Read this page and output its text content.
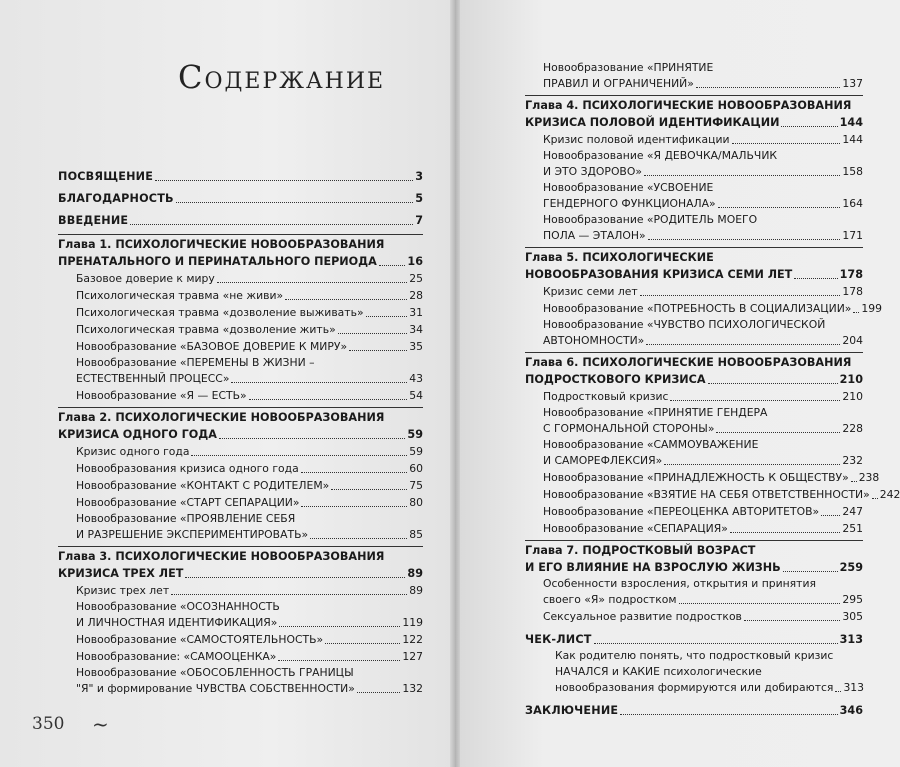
Содержание
ПОСВЯЩЕНИЕ	3
БЛАГОДАРНОСТЬ	5
ВВЕДЕНИЕ	7
Глава 1. ПСИХОЛОГИЧЕСКИЕ НОВООБРАЗОВАНИЯ
ПРЕНАТАЛЬНОГО И ПЕРИНАТАЛЬНОГО ПЕРИОДА	16
Базовое доверие к миру	25
Психологическая травма «не живи»	28
Психологическая травма «дозволение выживать»	31
Психологическая травма «дозволение жить»	34
Новообразование «БАЗОВОЕ ДОВЕРИЕ К МИРУ»	35
Новообразование «ПЕРЕМЕНЫ В ЖИЗНИ –
ЕСТЕСТВЕННЫЙ ПРОЦЕСС»	43
Новообразование «Я — ЕСТЬ»	54
Глава 2. ПСИХОЛОГИЧЕСКИЕ НОВООБРАЗОВАНИЯ
КРИЗИСА ОДНОГО ГОДА	59
Кризис одного года	59
Новообразования кризиса одного года	60
Новообразование «КОНТАКТ С РОДИТЕЛЕМ»	75
Новообразование «СТАРТ СЕПАРАЦИИ»	80
Новообразование «ПРОЯВЛЕНИЕ СЕБЯ
И РАЗРЕШЕНИЕ ЭКСПЕРИМЕНТИРОВАТЬ»	85
Глава 3. ПСИХОЛОГИЧЕСКИЕ НОВООБРАЗОВАНИЯ
КРИЗИСА ТРЕХ ЛЕТ	89
Кризис трех лет	89
Новообразование «ОСОЗНАННОСТЬ
И ЛИЧНОСТНАЯ ИДЕНТИФИКАЦИЯ»	119
Новообразование «САМОСТОЯТЕЛЬНОСТЬ»	122
Новообразование: «САМООЦЕНКА»	127
Новообразование «ОБОСОБЛЕННОСТЬ ГРАНИЦЫ
"Я" и формирование ЧУВСТВА СОБСТВЕННОСТИ»	132
350 ~
Новообразование «ПРИНЯТИЕ
ПРАВИЛ И ОГРАНИЧЕНИЙ»	137
Глава 4. ПСИХОЛОГИЧЕСКИЕ НОВООБРАЗОВАНИЯ
КРИЗИСА ПОЛОВОЙ ИДЕНТИФИКАЦИИ	144
Кризис половой идентификации	144
Новообразование «Я ДЕВОЧКА/МАЛЬЧИК
И ЭТО ЗДОРОВО»	158
Новообразование «УСВОЕНИЕ
ГЕНДЕРНОГО ФУНКЦИОНАЛА»	164
Новообразование «РОДИТЕЛЬ МОЕГО
ПОЛА — ЭТАЛОН»	171
Глава 5. ПСИХОЛОГИЧЕСКИЕ
НОВООБРАЗОВАНИЯ КРИЗИСА СЕМИ ЛЕТ	178
Кризис семи лет	178
Новообразование «ПОТРЕБНОСТЬ В СОЦИАЛИЗАЦИИ» 199
Новообразование «ЧУВСТВО ПСИХОЛОГИЧЕСКОЙ
АВТОНОМНОСТИ»	204
Глава 6. ПСИХОЛОГИЧЕСКИЕ НОВООБРАЗОВАНИЯ
ПОДРОСТКОВОГО КРИЗИСА	210
Подростковый кризис	210
Новообразование «ПРИНЯТИЕ ГЕНДЕРА
С ГОРМОНАЛЬНОЙ СТОРОНЫ»	228
Новообразование «САММОУВАЖЕНИЕ
И САМОРЕФЛЕКСИЯ»	232
Новообразование «ПРИНАДЛЕЖНОСТЬ К ОБЩЕСТВУ» 238
Новообразование «ВЗЯТИЕ НА СЕБЯ ОТВЕТСТВЕННОСТИ» 242
Новообразование «ПЕРЕОЦЕНКА АВТОРИТЕТОВ» 247
Новообразование «СЕПАРАЦИЯ»	251
Глава 7. ПОДРОСТКОВЫЙ ВОЗРАСТ
И ЕГО ВЛИЯНИЕ НА ВЗРОСЛУЮ ЖИЗНЬ	259
Особенности взросления, открытия и принятия
своего «Я» подростком	295
Сексуальное развитие подростков	305
ЧЕК-ЛИСТ	313
Как родителю понять, что подростковый кризис
НАЧАЛСЯ и КАКИЕ психологические
новообразования формируются или добираются 313
ЗАКЛЮЧЕНИЕ	346
